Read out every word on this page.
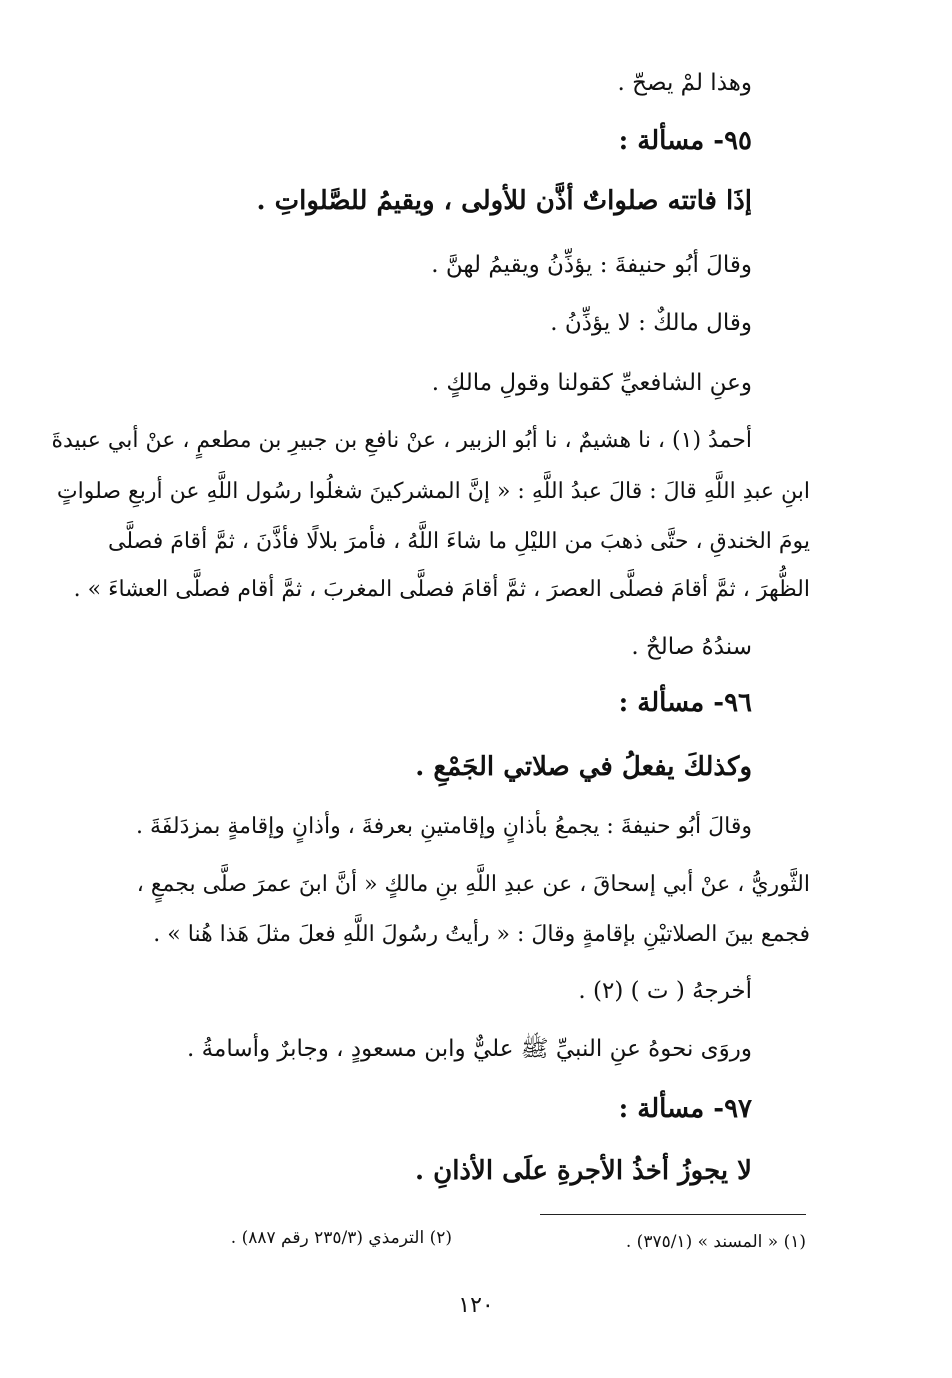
وهذا لمْ يصحّ .
٩٥- مسألة :
إذَا فاتته صلواتٌ أذَّن للأولى ، ويقيمُ للصَّلواتِ .
وقالَ أبُو حنيفةَ : يؤذِّنُ ويقيمُ لهنَّ .
وقال مالكٌ : لا يؤذِّنُ .
وعنِ الشافعيِّ كقولنا وقولِ مالكٍ .
أحمدُ (١) ، نا هشيمٌ ، نا أبُو الزبير ، عنْ نافعِ بن جبيرِ بن مطعمٍ ، عنْ أبي عبيدةَ
ابنِ عبدِ اللَّهِ قالَ : قالَ عبدُ اللَّهِ : « إنَّ المشركينَ شغلُوا رسُول اللَّهِ عن أربعِ صلواتٍ
يومَ الخندقِ ، حتَّى ذهبَ من الليْلِ ما شاءَ اللَّهُ ، فأمرَ بلالًا فأذَّنَ ، ثمَّ أقامَ فصلَّى
الظُّهرَ ، ثمَّ أقامَ فصلَّى العصرَ ، ثمَّ أقامَ فصلَّى المغربَ ، ثمَّ أقام فصلَّى العشاءَ » .
سندُهُ صالحٌ .
٩٦- مسألة :
وكذلكَ يفعلُ في صلاتي الجَمْعِ .
وقالَ أبُو حنيفةَ : يجمعُ بأذانٍ وإقامتينِ بعرفةَ ، وأذانٍ وإقامةٍ بمزدَلفَةَ .
الثَّوريُّ ، عنْ أبي إسحاقَ ، عن عبدِ اللَّهِ بنِ مالكٍ « أنَّ ابنَ عمرَ صلَّى بجمعٍ ،
فجمع بينَ الصلاتيْنِ بإقامةٍ وقالَ : « رأيتُ رسُولَ اللَّهِ فعلَ مثلَ هَذا هُنا » .
أخرجهُ ( ت ) (٢) .
وروَى نحوهُ عنِ النبيِّ ﷺ عليٌّ وابن مسعودٍ ، وجابرٌ وأسامةُ .
٩٧- مسألة :
لا يجوزُ أخذُ الأجرةِ علَى الأذانِ .
(١) « المسند » (٣٧٥/١) .
(٢) الترمذي (٢٣٥/٣ رقم ٨٨٧) .
١٢٠
